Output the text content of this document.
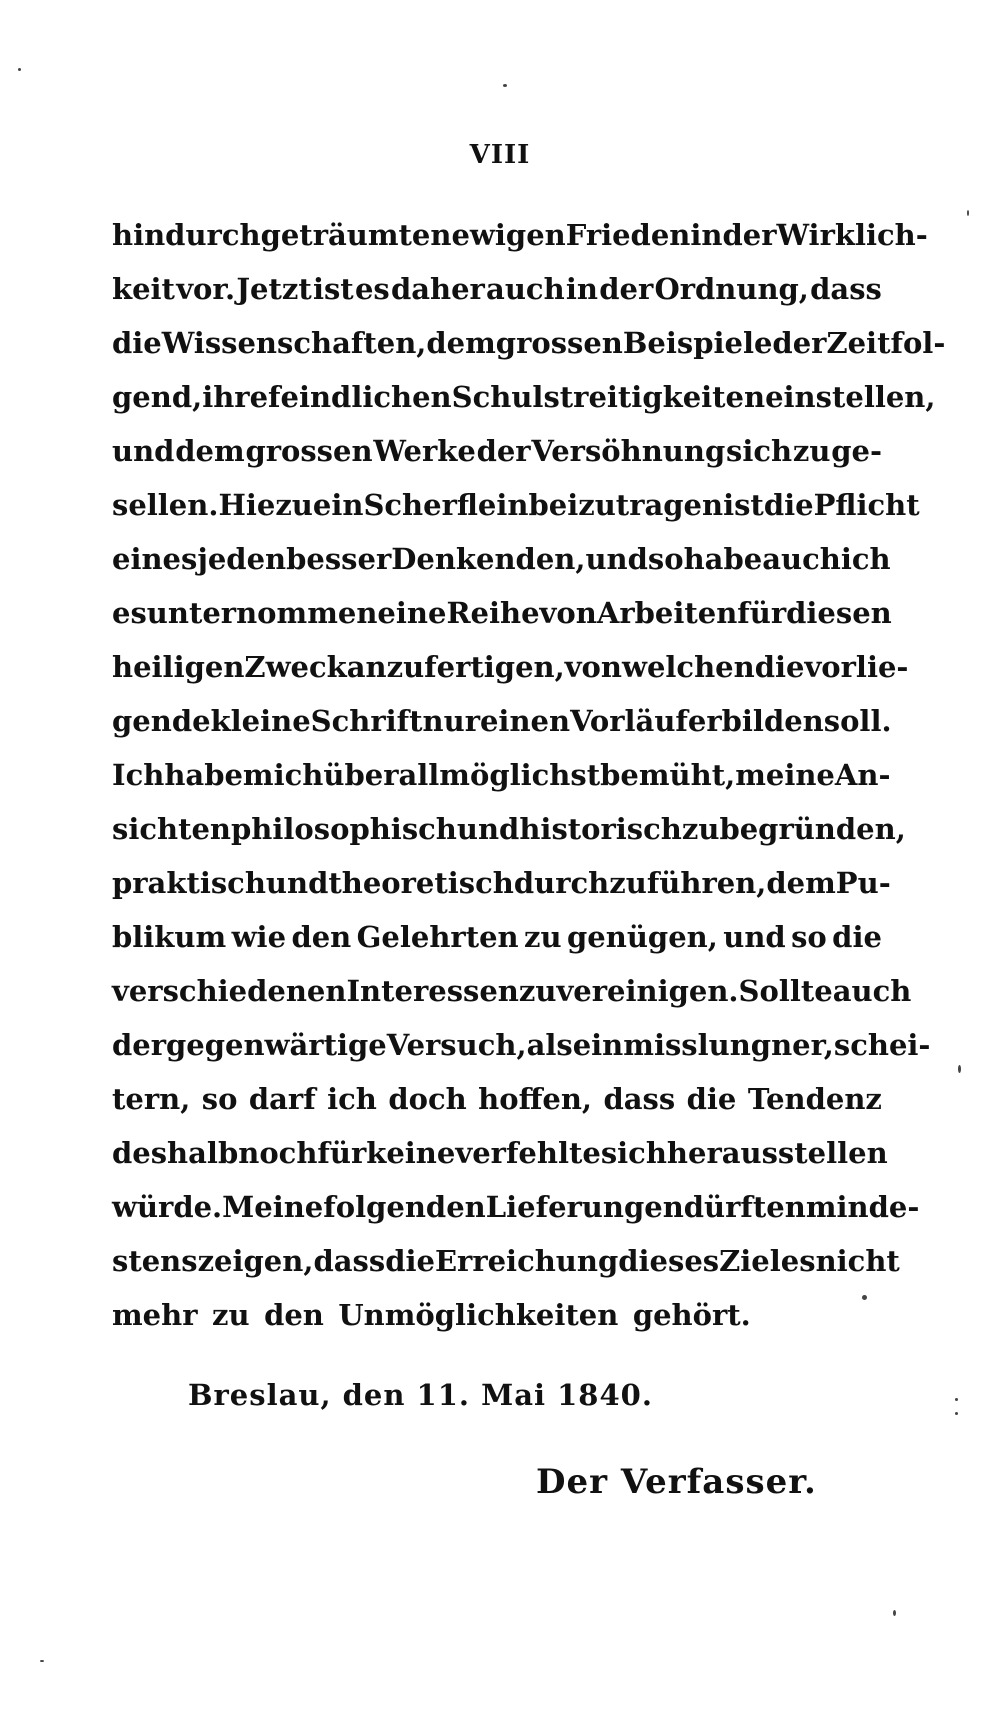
VIII
hindurch geträumten ewigen Frieden in der Wirklich-
keit vor. Jetzt ist es daher auch in der Ordnung, dass
die Wissenschaften, dem grossen Beispiele der Zeit fol-
gend, ihre feindlichen Schulstreitigkeiten einstellen,
und dem grossen Werke der Versöhnung sich zu ge-
sellen. Hiezu ein Scherflein beizutragen ist die Pflicht
eines jeden besser Denkenden, und so habe auch ich
es unternommen eine Reihe von Arbeiten für diesen
heiligen Zweck anzufertigen, von welchen die vorlie-
gende kleine Schrift nur einen Vorläufer bilden soll.
Ich habe mich überall möglichst bemüht, meine An-
sichten philosophisch und historisch zu begründen,
praktisch und theoretisch durch zu führen, dem Pu-
blikum wie den Gelehrten zu genügen, und so die
verschiedenen Interessen zu vereinigen. Sollte auch
der gegenwärtige Versuch, als ein misslungner, schei-
tern, so darf ich doch hoffen, dass die Tendenz
deshalb noch für keine verfehlte sich herausstellen
würde. Meine folgenden Lieferungen dürften minde-
stens zeigen, dass die Erreichung dieses Zieles nicht
mehr zu den Unmöglichkeiten gehört.
Breslau, den 11. Mai 1840.
Der Verfasser.
